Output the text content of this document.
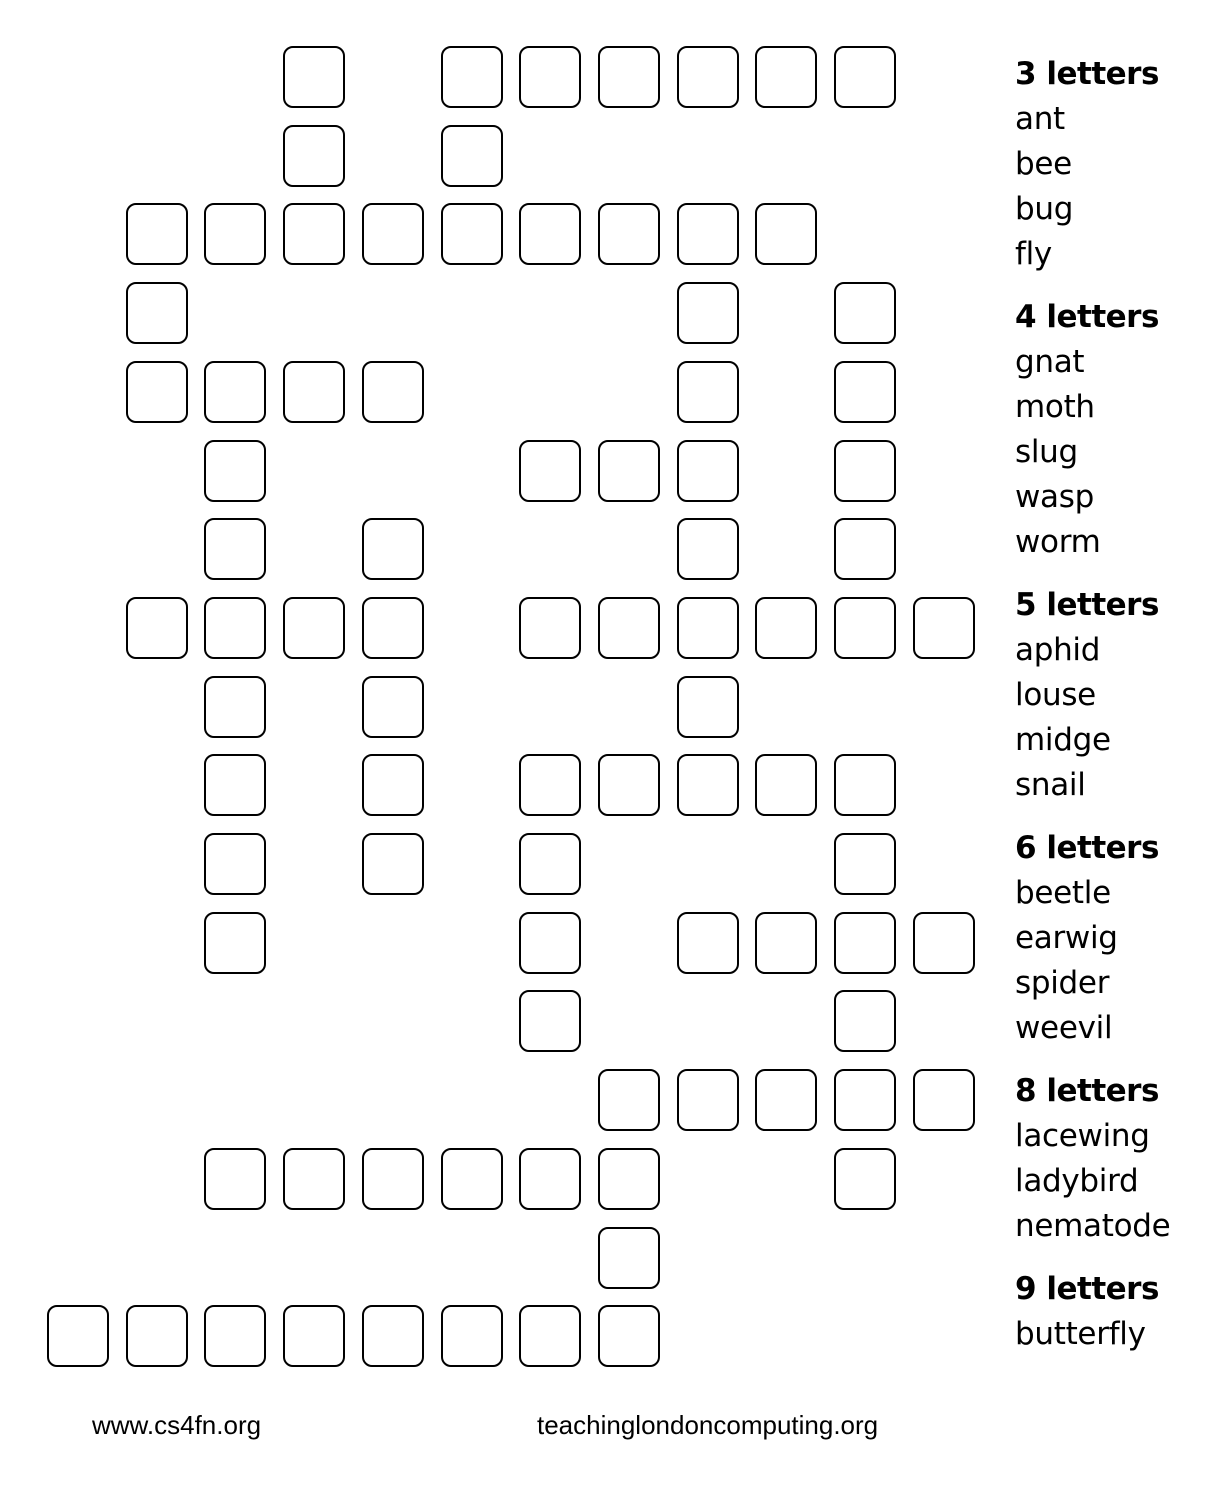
3 letters
ant
bee
bug
fly
4 letters
gnat
moth
slug
wasp
worm
5 letters
aphid
louse
midge
snail
6 letters
beetle
earwig
spider
weevil
8 letters
lacewing
ladybird
nematode
9 letters
butterfly
www.cs4fn.org	teachinglondoncomputing.org
